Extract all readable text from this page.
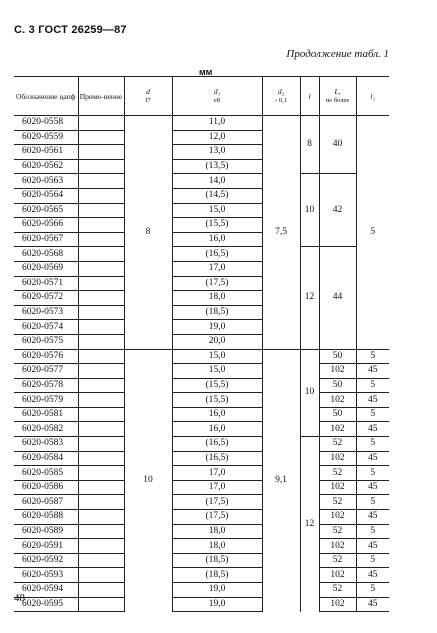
С. 3 ГОСТ 26259—87
Продолжение табл. 1
мм
Обозначение цапф	Приме-нение	d
f7	d₁
e8	d₂
- 0,1	l	L,
не более	l₁
6020-0558		8	11,0	7,5	8	40	5
6020-0559			12,0				
6020-0561			13,0				
6020-0562			(13,5)				
6020-0563			14,0		10	42	
6020-0564			(14,5)				
6020-0565			15,0				
6020-0566			(15,5)				
6020-0567			16,0				
6020-0568			(16,5)		12	44	
6020-0569			17,0				
6020-0571			(17,5)				
6020-0572			18,0				
6020-0573			(18,5)				
6020-0574			19,0				
6020-0575			20,0				
6020-0576		10	15,0	9,1	10	50	5
6020-0577			15,0			102	45
6020-0578			(15,5)			50	5
6020-0579			(15,5)			102	45
6020-0581			16,0			50	5
6020-0582			16,0			102	45
6020-0583			(16,5)		12	52	5
6020-0584			(16,5)			102	45
6020-0585			17,0			52	5
6020-0586			17,0			102	45
6020-0587			(17,5)			52	5
6020-0588			(17,5)			102	45
6020-0589			18,0			52	5
6020-0591			18,0			102	45
6020-0592			(18,5)			52	5
6020-0593			(18,5)			102	45
6020-0594			19,0			52	5
6020-0595			19,0			102	45
48
